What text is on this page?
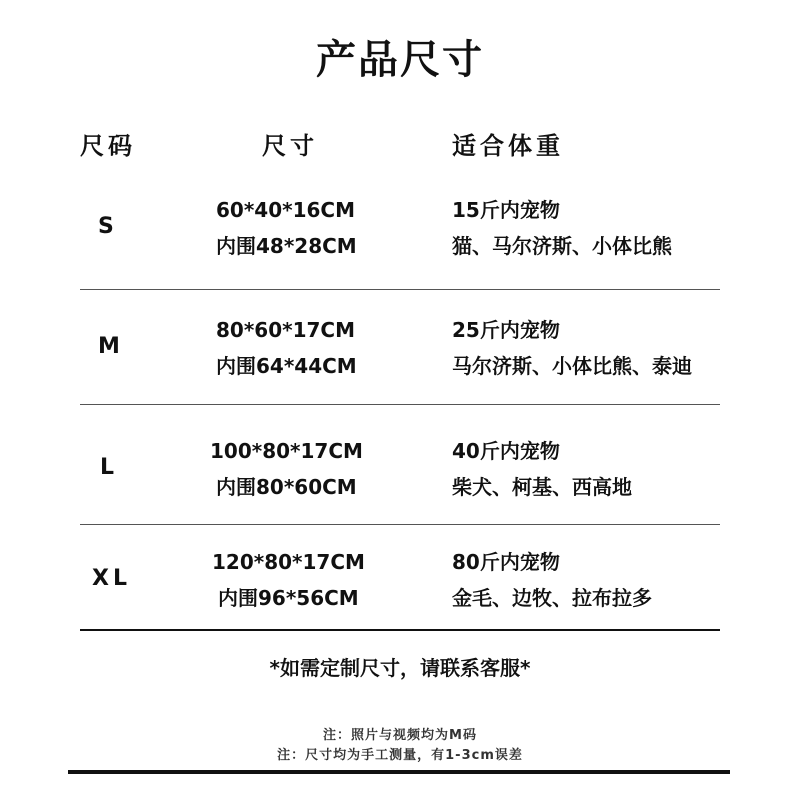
产品尺寸
尺码	尺寸	适合体重
S
60*40*16CM
内围48*28CM
15斤内宠物
猫、马尔济斯、小体比熊
M
80*60*17CM
内围64*44CM
25斤内宠物
马尔济斯、小体比熊、泰迪
L
100*80*17CM
内围80*60CM
40斤内宠物
柴犬、柯基、西高地
XL
120*80*17CM
内围96*56CM
80斤内宠物
金毛、边牧、拉布拉多
*如需定制尺寸，请联系客服*
注：照片与视频均为M码
注：尺寸均为手工测量，有1-3cm误差
